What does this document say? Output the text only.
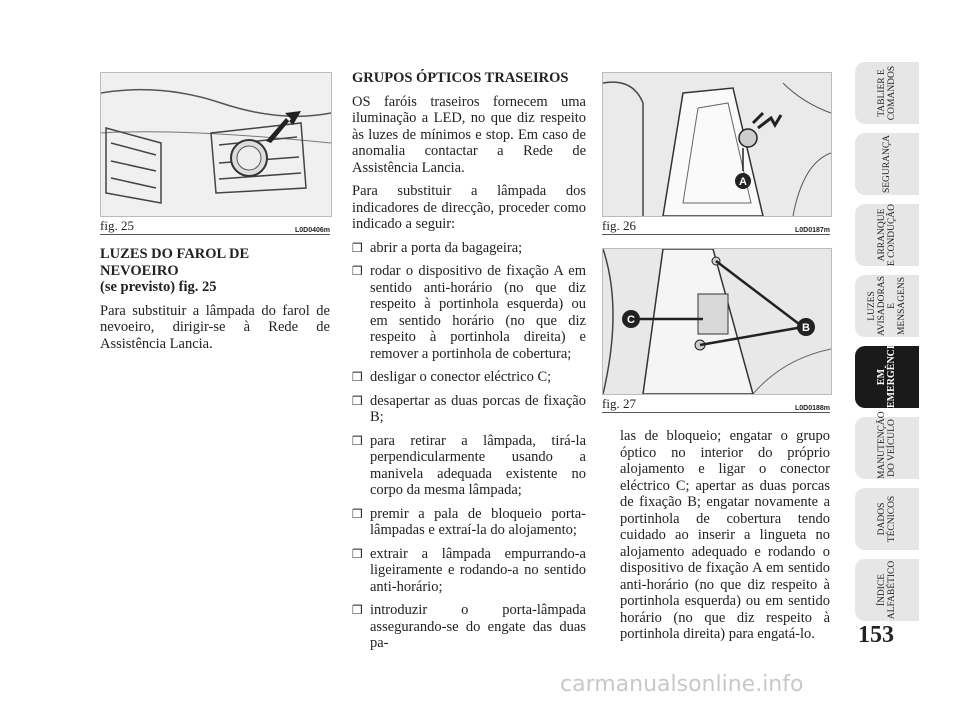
fig. 25	L0D0406m
LUZES DO FAROL DE
NEVOEIRO
(se previsto) fig. 25

Para substituir a lâmpada do farol de nevoeiro, dirigir-se à Rede de Assistência Lancia.

GRUPOS ÓPTICOS TRASEIROS

OS faróis traseiros fornecem uma iluminação a LED, no que diz respeito às luzes de mínimos e stop. Em caso de anomalia contactar a Rede de Assistência Lancia.

Para substituir a lâmpada dos indicadores de direcção, proceder como indicado a seguir:

❒ abrir a porta da bagageira;
❒ rodar o dispositivo de fixação A em sentido anti-horário (no que diz respeito à portinhola esquerda) ou em sentido horário (no que diz respeito à portinhola direita) e remover a portinhola de cobertura;
❒ desligar o conector eléctrico C;
❒ desapertar as duas porcas de fixação B;
❒ para retirar a lâmpada, tirá-la perpendicularmente usando a manivela adequada existente no corpo da mesma lâmpada;
❒ premir a pala de bloqueio porta-lâmpadas e extraí-la do alojamento;
❒ extrair a lâmpada empurrando-a ligeiramente e rodando-a no sentido anti-horário;
❒ introduzir o porta-lâmpada assegurando-se do engate das duas pa-
A
fig. 26	L0D0187m
C
B
fig. 27	L0D0188m

las de bloqueio; engatar o grupo óptico no interior do próprio alojamento e ligar o conector eléctrico C; apertar as duas porcas de fixação B; engatar novamente a portinhola de cobertura tendo cuidado ao inserir a lingueta no alojamento adequado e rodando o dispositivo de fixação A em sentido anti-horário (no que diz respeito à portinhola esquerda) ou em sentido horário (no que diz respeito à portinhola direita) para engatá-lo.

TABLIER E
COMANDOS
SEGURANÇA
ARRANQUE
E CONDUÇÃO
LUZES
AVISADORAS E
MENSAGENS
EM
EMERGÊNCIA
MANUTENÇÃO
DO VEÍCULO
DADOS
TÉCNICOS
ÍNDICE
ALFABÉTICO
153
carmanualsonline.info
